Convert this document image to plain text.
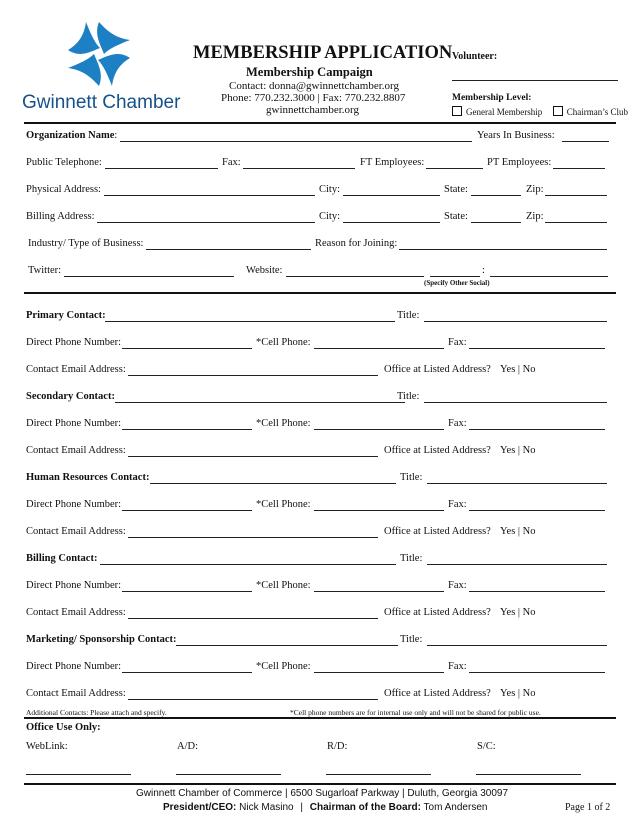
Gwinnett Chamber
MEMBERSHIP APPLICATION
Membership Campaign
Contact: donna@gwinnettchamber.org
Phone: 770.232.3000 | Fax: 770.232.8807
gwinnettchamber.org
Volunteer:
Membership Level:
General Membership	Chairman’s Club
Organization Name:	Years In Business:
Public Telephone:	Fax:	FT Employees:	PT Employees:
Physical Address:	City:	State:	Zip:
Billing Address:	City:	State:	Zip:
Industry/ Type of Business:	Reason for Joining:
Twitter:	Website:	:
(Specify Other Social)
Primary Contact:	Title:
Direct Phone Number:	*Cell Phone:	Fax:
Contact Email Address:	Office at Listed Address? Yes | No
Secondary Contact:	Title:
Direct Phone Number:	*Cell Phone:	Fax:
Contact Email Address:	Office at Listed Address? Yes | No
Human Resources Contact:	Title:
Direct Phone Number:	*Cell Phone:	Fax:
Contact Email Address:	Office at Listed Address? Yes | No
Billing Contact:	Title:
Direct Phone Number:	*Cell Phone:	Fax:
Contact Email Address:	Office at Listed Address? Yes | No
Marketing/ Sponsorship Contact:	Title:
Direct Phone Number:	*Cell Phone:	Fax:
Contact Email Address:	Office at Listed Address? Yes | No
Additional Contacts: Please attach and specify.	*Cell phone numbers are for internal use only and will not be shared for public use.
Office Use Only:
WebLink:	A/D:	R/D:	S/C:
Gwinnett Chamber of Commerce | 6500 Sugarloaf Parkway | Duluth, Georgia 30097
President/CEO: Nick Masino | Chairman of the Board: Tom Andersen	Page 1 of 2
